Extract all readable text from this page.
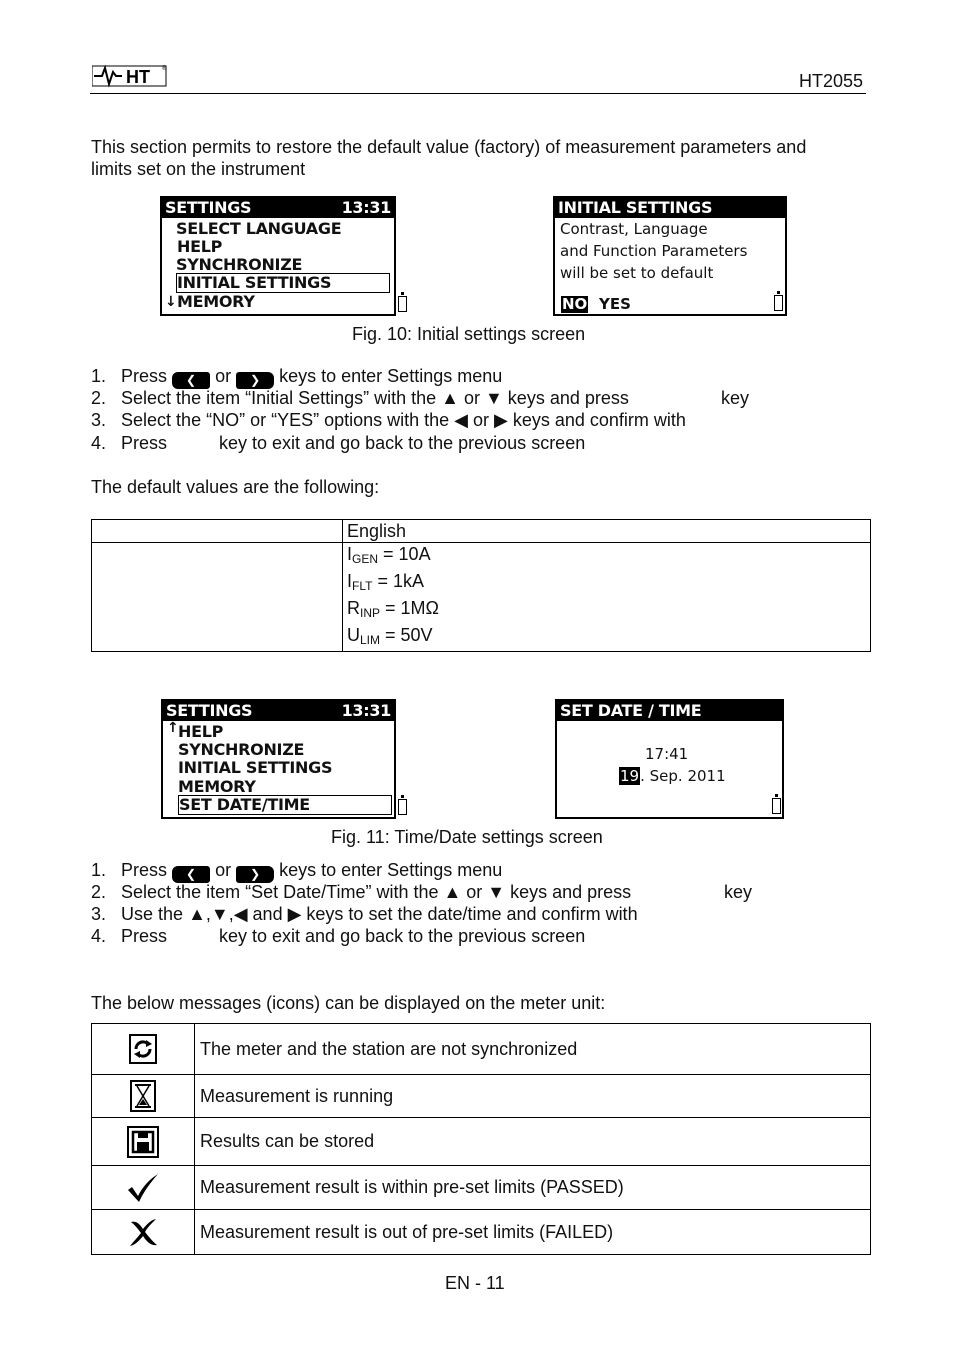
HT ®
HT2055
This section permits to restore the default value (factory) of measurement parameters and
limits set on the instrument
SETTINGS	13:31
SELECT LANGUAGE
HELP
SYNCHRONIZE
INITIAL SETTINGS
↓ MEMORY
INITIAL SETTINGS
Contrast, Language
and Function Parameters
will be set to default
NO YES
Fig. 10: Initial settings screen
1. Press ❮ or ❯ keys to enter Settings menu
2. Select the item “Initial Settings” with the ▲ or ▼ keys and press	key
3. Select the “NO” or “YES” options with the ◀ or ▶ keys and confirm with
4. Press	key to exit and go back to the previous screen
The default values are the following:
	English

	$I_{GEN} = 10A$
$I_{FLT} = 1kA$
$R_{INP} = 1M\Omega$
$U_{LIM} = 50V$
SETTINGS	13:31
↑ HELP
SYNCHRONIZE
INITIAL SETTINGS
MEMORY
SET DATE/TIME
SET DATE / TIME
17:41
19. Sep. 2011
Fig. 11: Time/Date settings screen
1. Press ❮ or ❯ keys to enter Settings menu
2. Select the item “Set Date/Time” with the ▲ or ▼ keys and press	key
3. Use the ▲,▼,◀ and ▶ keys to set the date/time and confirm with
4. Press	key to exit and go back to the previous screen
The below messages (icons) can be displayed on the meter unit:
	The meter and the station are not synchronized
	Measurement is running
	Results can be stored
	Measurement result is within pre-set limits (PASSED)
	Measurement result is out of pre-set limits (FAILED)
EN - 11
